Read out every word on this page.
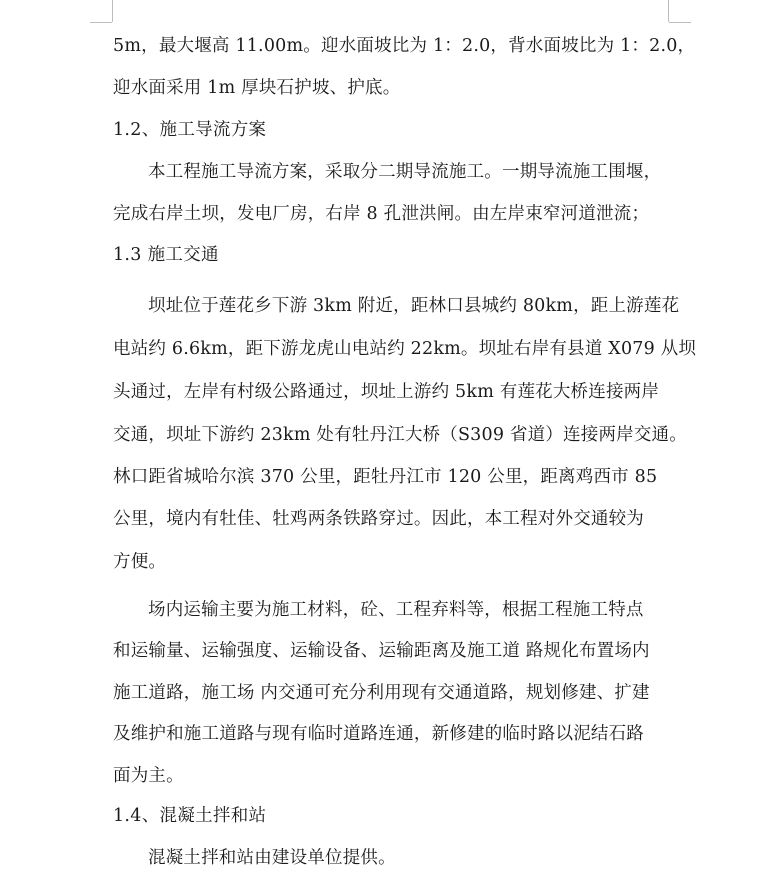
5m，最大堰高 11.00m。迎水面坡比为 1：2.0，背水面坡比为 1：2.0，
迎水面采用 1m 厚块石护坡、护底。
1.2、施工导流方案
本工程施工导流方案，采取分二期导流施工。一期导流施工围堰，
完成右岸土坝，发电厂房，右岸 8 孔泄洪闸。由左岸束窄河道泄流；
1.3 施工交通
坝址位于莲花乡下游 3km 附近，距林口县城约 80km，距上游莲花
电站约 6.6km，距下游龙虎山电站约 22km。坝址右岸有县道 X079 从坝
头通过，左岸有村级公路通过，坝址上游约 5km 有莲花大桥连接两岸
交通，坝址下游约 23km 处有牡丹江大桥（S309 省道）连接两岸交通。
林口距省城哈尔滨 370 公里，距牡丹江市 120 公里，距离鸡西市 85
公里，境内有牡佳、牡鸡两条铁路穿过。因此，本工程对外交通较为
方便。
场内运输主要为施工材料，砼、工程弃料等，根据工程施工特点
和运输量、运输强度、运输设备、运输距离及施工道 路规化布置场内
施工道路，施工场 内交通可充分利用现有交通道路，规划修建、扩建
及维护和施工道路与现有临时道路连通，新修建的临时路以泥结石路
面为主。
1.4、混凝土拌和站
混凝土拌和站由建设单位提供。
